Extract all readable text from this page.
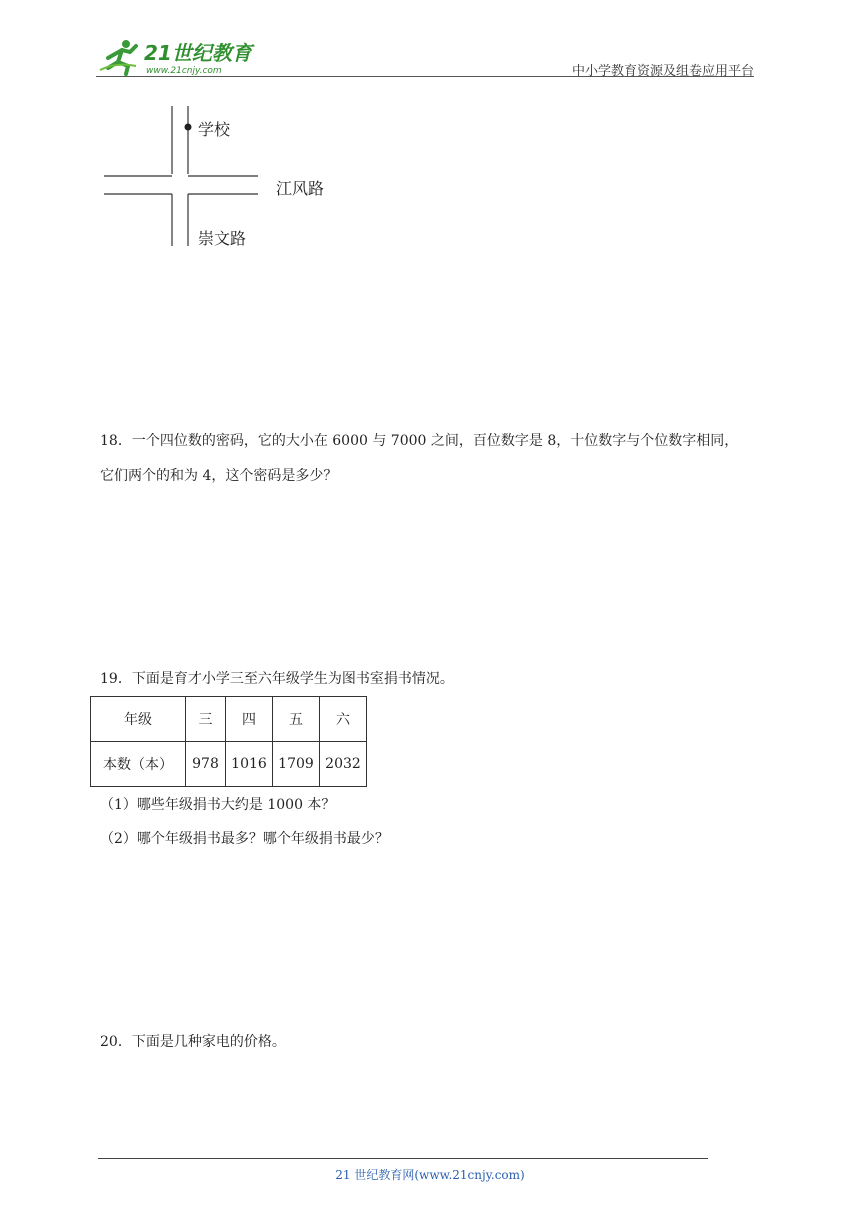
21世纪教育
www.21cnjy.com	中小学教育资源及组卷应用平台
学校
江风路
崇文路
18．一个四位数的密码，它的大小在 6000 与 7000 之间，百位数字是 8，十位数字与个位数字相同，
它们两个的和为 4，这个密码是多少？
19．下面是育才小学三至六年级学生为图书室捐书情况。
年级	三	四	五	六
本数（本）	978	1016	1709	2032
（1）哪些年级捐书大约是 1000 本？
（2）哪个年级捐书最多？哪个年级捐书最少？
20．下面是几种家电的价格。
21 世纪教育网(www.21cnjy.com)
